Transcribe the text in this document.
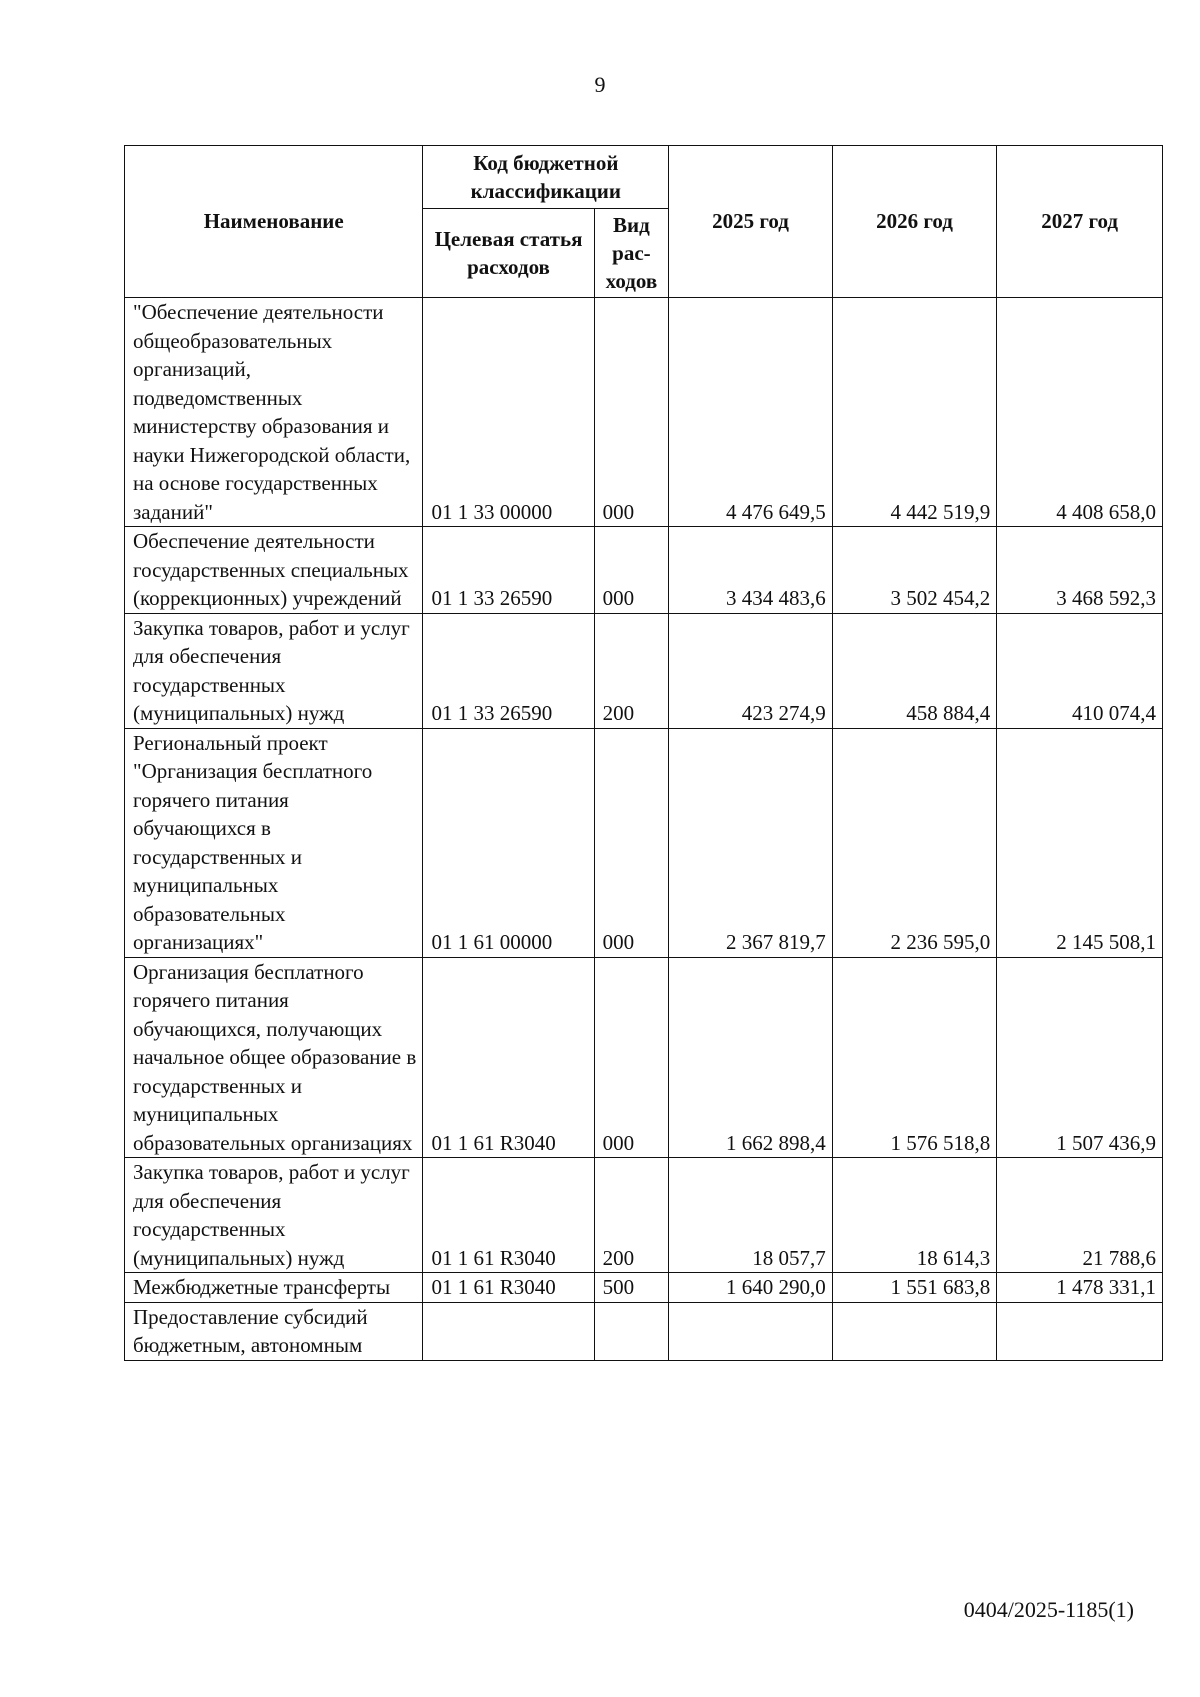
9
Наименование	Код бюджетной классификации		2025 год	2026 год	2027 год
	Целевая статья расходов	Вид рас-ходов			
"Обеспечение деятельности общеобразовательных организаций, подведомственных министерству образования и науки Нижегородской области, на основе государственных заданий"	01 1 33 00000	000	4 476 649,5	4 442 519,9	4 408 658,0
Обеспечение деятельности государственных специальных (коррекционных) учреждений	01 1 33 26590	000	3 434 483,6	3 502 454,2	3 468 592,3
Закупка товаров, работ и услуг для обеспечения государственных (муниципальных) нужд	01 1 33 26590	200	423 274,9	458 884,4	410 074,4
Региональный проект "Организация бесплатного горячего питания обучающихся в государственных и муниципальных образовательных организациях"	01 1 61 00000	000	2 367 819,7	2 236 595,0	2 145 508,1
Организация бесплатного горячего питания обучающихся, получающих начальное общее образование в государственных и муниципальных образовательных организациях	01 1 61 R3040	000	1 662 898,4	1 576 518,8	1 507 436,9
Закупка товаров, работ и услуг для обеспечения государственных (муниципальных) нужд	01 1 61 R3040	200	18 057,7	18 614,3	21 788,6
Межбюджетные трансферты	01 1 61 R3040	500	1 640 290,0	1 551 683,8	1 478 331,1
Предоставление субсидий бюджетным, автономным					
0404/2025-1185(1)
